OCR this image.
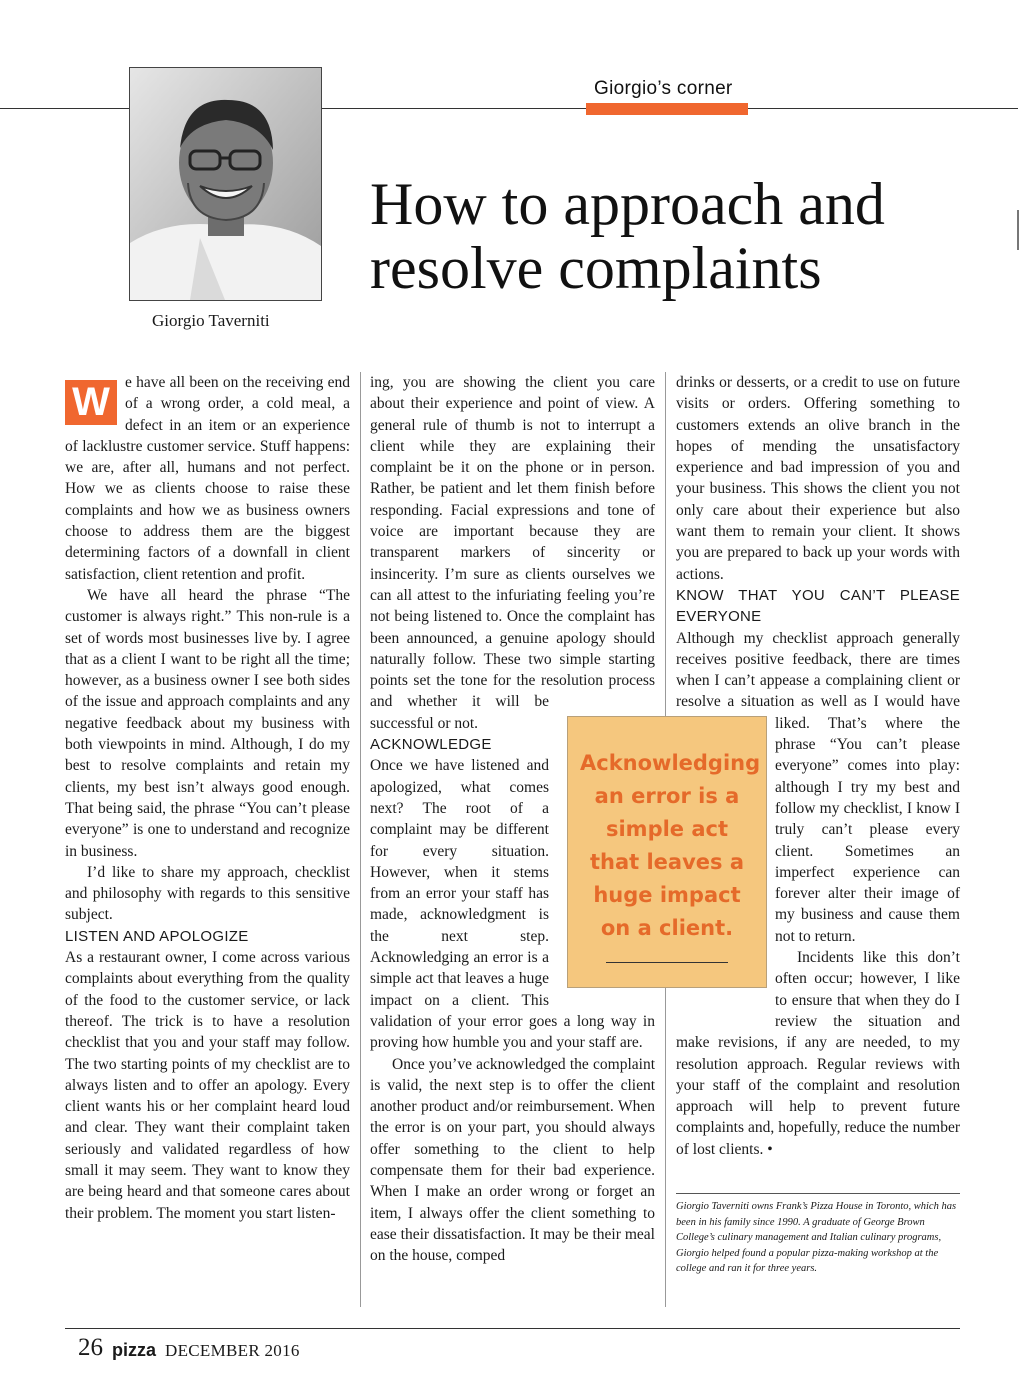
Giorgio’s corner
Giorgio Taverniti
How to approach and resolve complaints
W e have all been on the receiving end of a wrong order, a cold meal, a defect in an item or an experience of lacklustre customer service. Stuff happens: we are, after all, humans and not perfect. How we as clients choose to raise these complaints and how we as business owners choose to address them are the biggest determining factors of a downfall in client satisfaction, client retention and profit.

We have all heard the phrase “The customer is always right.” This non-rule is a set of words most businesses live by. I agree that as a client I want to be right all the time; however, as a business owner I see both sides of the issue and approach complaints and any negative feedback about my business with both viewpoints in mind. Although, I do my best to resolve complaints and retain my clients, my best isn’t always good enough. That being said, the phrase “You can’t please everyone” is one to understand and recognize in business.

I’d like to share my approach, checklist and philosophy with regards to this sensitive subject.

LISTEN AND APOLOGIZE

As a restaurant owner, I come across various complaints about everything from the quality of the food to the customer service, or lack thereof. The trick is to have a resolution checklist that you and your staff may follow. The two starting points of my checklist are to always listen and to offer an apology. Every client wants his or her complaint heard loud and clear. They want their complaint taken seriously and validated regardless of how small it may seem. They want to know they are being heard and that someone cares about their problem. The moment you start listen-

ing, you are showing the client you care about their experience and point of view. A general rule of thumb is not to interrupt a client while they are explaining their complaint be it on the phone or in person. Rather, be patient and let them finish before responding. Facial expressions and tone of voice are important because they are transparent markers of sincerity or insincerity. I’m sure as clients ourselves we can all attest to the infuriating feeling you’re not being listened to. Once the complaint has been announced, a genuine apology should naturally follow. These two simple starting points set the tone for the resolution process and whether it will be successful or not.

ACKNOWLEDGE

Once we have listened and apologized, what comes next? The root of a complaint may be different for every situation. However, when it stems from an error your staff has made, acknowledgment is the next step. Acknowledging an error is a simple act that leaves a huge impact on a client. This validation of your error goes a long way in proving how humble you and your staff are.

Once you’ve acknowledged the complaint is valid, the next step is to offer the client another product and/or reimbursement. When the error is on your part, you should always offer something to the client to help compensate them for their bad experience. When I make an order wrong or forget an item, I always offer the client something to ease their dissatisfaction. It may be their meal on the house, comped

drinks or desserts, or a credit to use on future visits or orders. Offering something to customers extends an olive branch in the hopes of mending the unsatisfactory experience and bad impression of you and your business. This shows the client you not only care about their experience but also want them to remain your client. It shows you are prepared to back up your words with actions.

KNOW THAT YOU CAN’T PLEASE EVERYONE

Although my checklist approach generally receives positive feedback, there are times when I can’t appease a complaining client or resolve a situation as well as I would have liked. That’s where the phrase “You can’t please everyone” comes into play: although I try my best and follow my checklist, I know I truly can’t please every client. Sometimes an imperfect experience can forever alter their image of my business and cause them not to return.

Incidents like this don’t often occur; however, I like to ensure that when they do I review the situation and make revisions, if any are needed, to my resolution approach. Regular reviews with your staff of the complaint and resolution approach will help to prevent future complaints and, hopefully, reduce the number of lost clients. •

Acknowledging an error is a simple act that leaves a huge impact on a client.
Giorgio Taverniti owns Frank’s Pizza House in Toronto, which has been in his family since 1990. A graduate of George Brown College’s culinary management and Italian culinary programs, Giorgio helped found a popular pizza-making workshop at the college and ran it for three years.
26 pizza DECEMBER 2016
